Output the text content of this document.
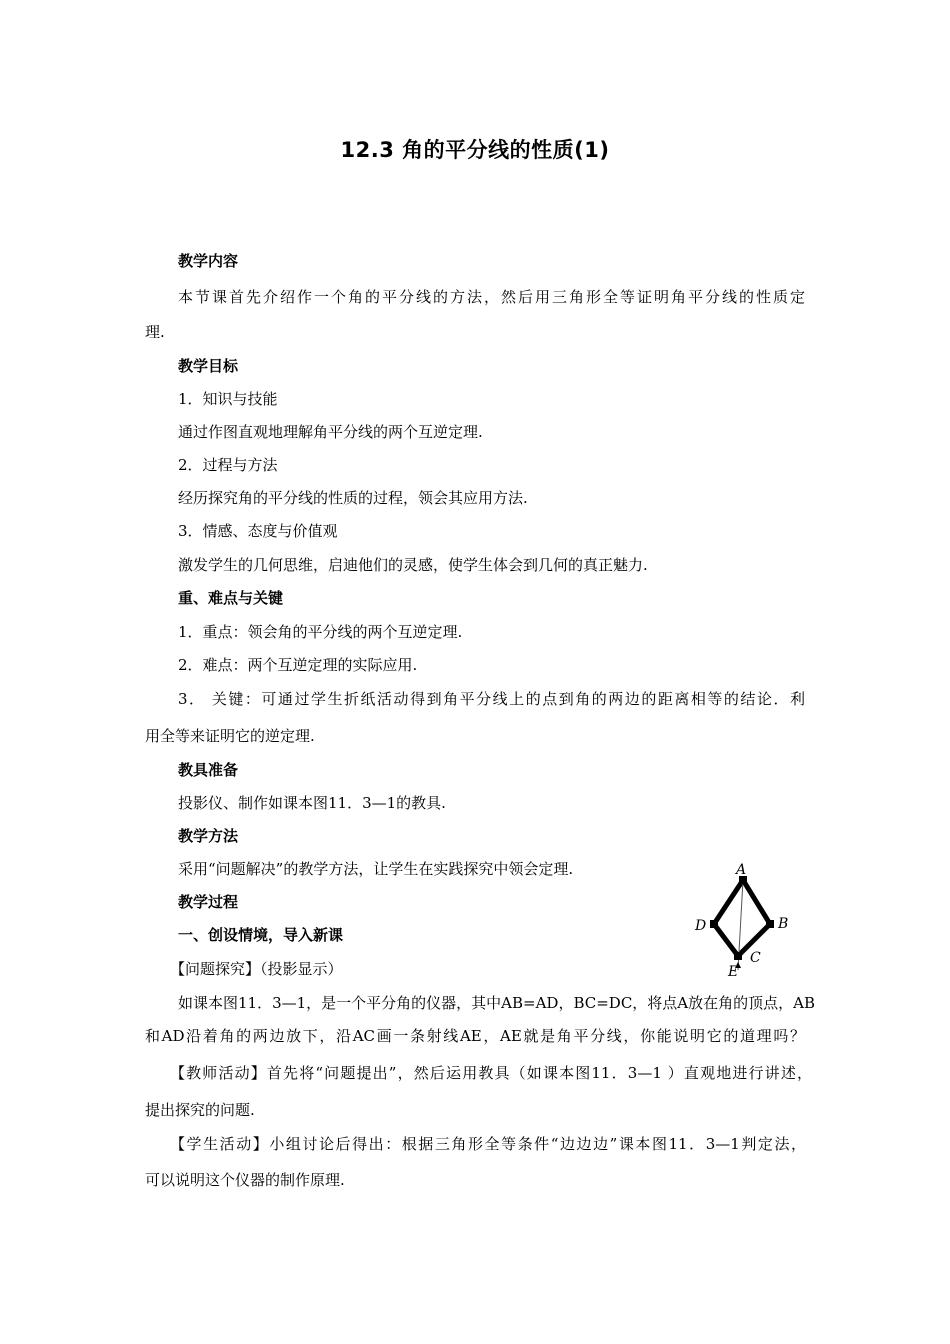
12.3 角的平分线的性质(1)
教学内容
本节课首先介绍作一个角的平分线的方法，然后用三角形全等证明角平分线的性质定
理.
教学目标
1．知识与技能
通过作图直观地理解角平分线的两个互逆定理.
2．过程与方法
经历探究角的平分线的性质的过程，领会其应用方法.
3．情感、态度与价值观
激发学生的几何思维，启迪他们的灵感，使学生体会到几何的真正魅力.
重、难点与关键
1．重点：领会角的平分线的两个互逆定理.
2．难点：两个互逆定理的实际应用.
3． 关键：可通过学生折纸活动得到角平分线上的点到角的两边的距离相等的结论．利
用全等来证明它的逆定理.
教具准备
投影仪、制作如课本图11．3—1的教具.
教学方法
采用“问题解决”的教学方法，让学生在实践探究中领会定理.
教学过程
一、创设情境，导入新课
【问题探究】（投影显示）
如课本图11．3—1，是一个平分角的仪器，其中AB=AD，BC=DC，将点A放在角的顶点，AB
和AD沿着角的两边放下，沿AC画一条射线AE，AE就是角平分线，你能说明它的道理吗？
【教师活动】首先将“问题提出”，然后运用教具（如课本图11．3—1 ）直观地进行讲述，
提出探究的问题.
【学生活动】小组讨论后得出：根据三角形全等条件“边边边”课本图11．3—1判定法，
可以说明这个仪器的制作原理.
A
D	B
C
E
